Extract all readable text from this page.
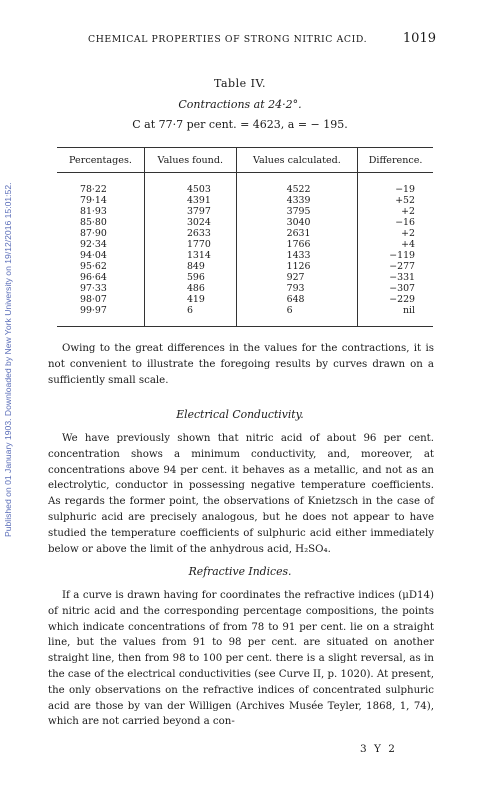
Published on 01 January 1903. Downloaded by New York University on 19/12/2016 15:01:52.
CHEMICAL PROPERTIES OF STRONG NITRIC ACID.	1019
Table IV.
Contractions at 24·2°.
C at 77·7 per cent. = 4623, a = − 195.
Percentages.	Values found.	Values calculated.	Difference.
78·22	4503	4522	−19
79·14	4391	4339	+52
81·93	3797	3795	+2
85·80	3024	3040	−16
87·90	2633	2631	+2
92·34	1770	1766	+4
94·04	1314	1433	−119
95·62	849	1126	−277
96·64	596	927	−331
97·33	486	793	−307
98·07	419	648	−229
99·97	6	6	nil

Owing to the great differences in the values for the contractions, it is not convenient to illustrate the foregoing results by curves drawn on a sufficiently small scale.

Electrical Conductivity.

We have previously shown that nitric acid of about 96 per cent. concentration shows a minimum conductivity, and, moreover, at concentrations above 94 per cent. it behaves as a metallic, and not as an electrolytic, conductor in possessing negative temperature coefficients. As regards the former point, the observations of Knietzsch in the case of sulphuric acid are precisely analogous, but he does not appear to have studied the temperature coefficients of sulphuric acid either immediately below or above the limit of the anhydrous acid, H₂SO₄.

Refractive Indices.

If a curve is drawn having for coordinates the refractive indices (μD14) of nitric acid and the corresponding percentage compositions, the points which indicate concentrations of from 78 to 91 per cent. lie on a straight line, but the values from 91 to 98 per cent. are situated on another straight line, then from 98 to 100 per cent. there is a slight reversal, as in the case of the electrical conductivities (see Curve II, p. 1020). At present, the only observations on the refractive indices of concentrated sulphuric acid are those by van der Willigen (Archives Musée Teyler, 1868, 1, 74), which are not carried beyond a con-

3 Y 2
